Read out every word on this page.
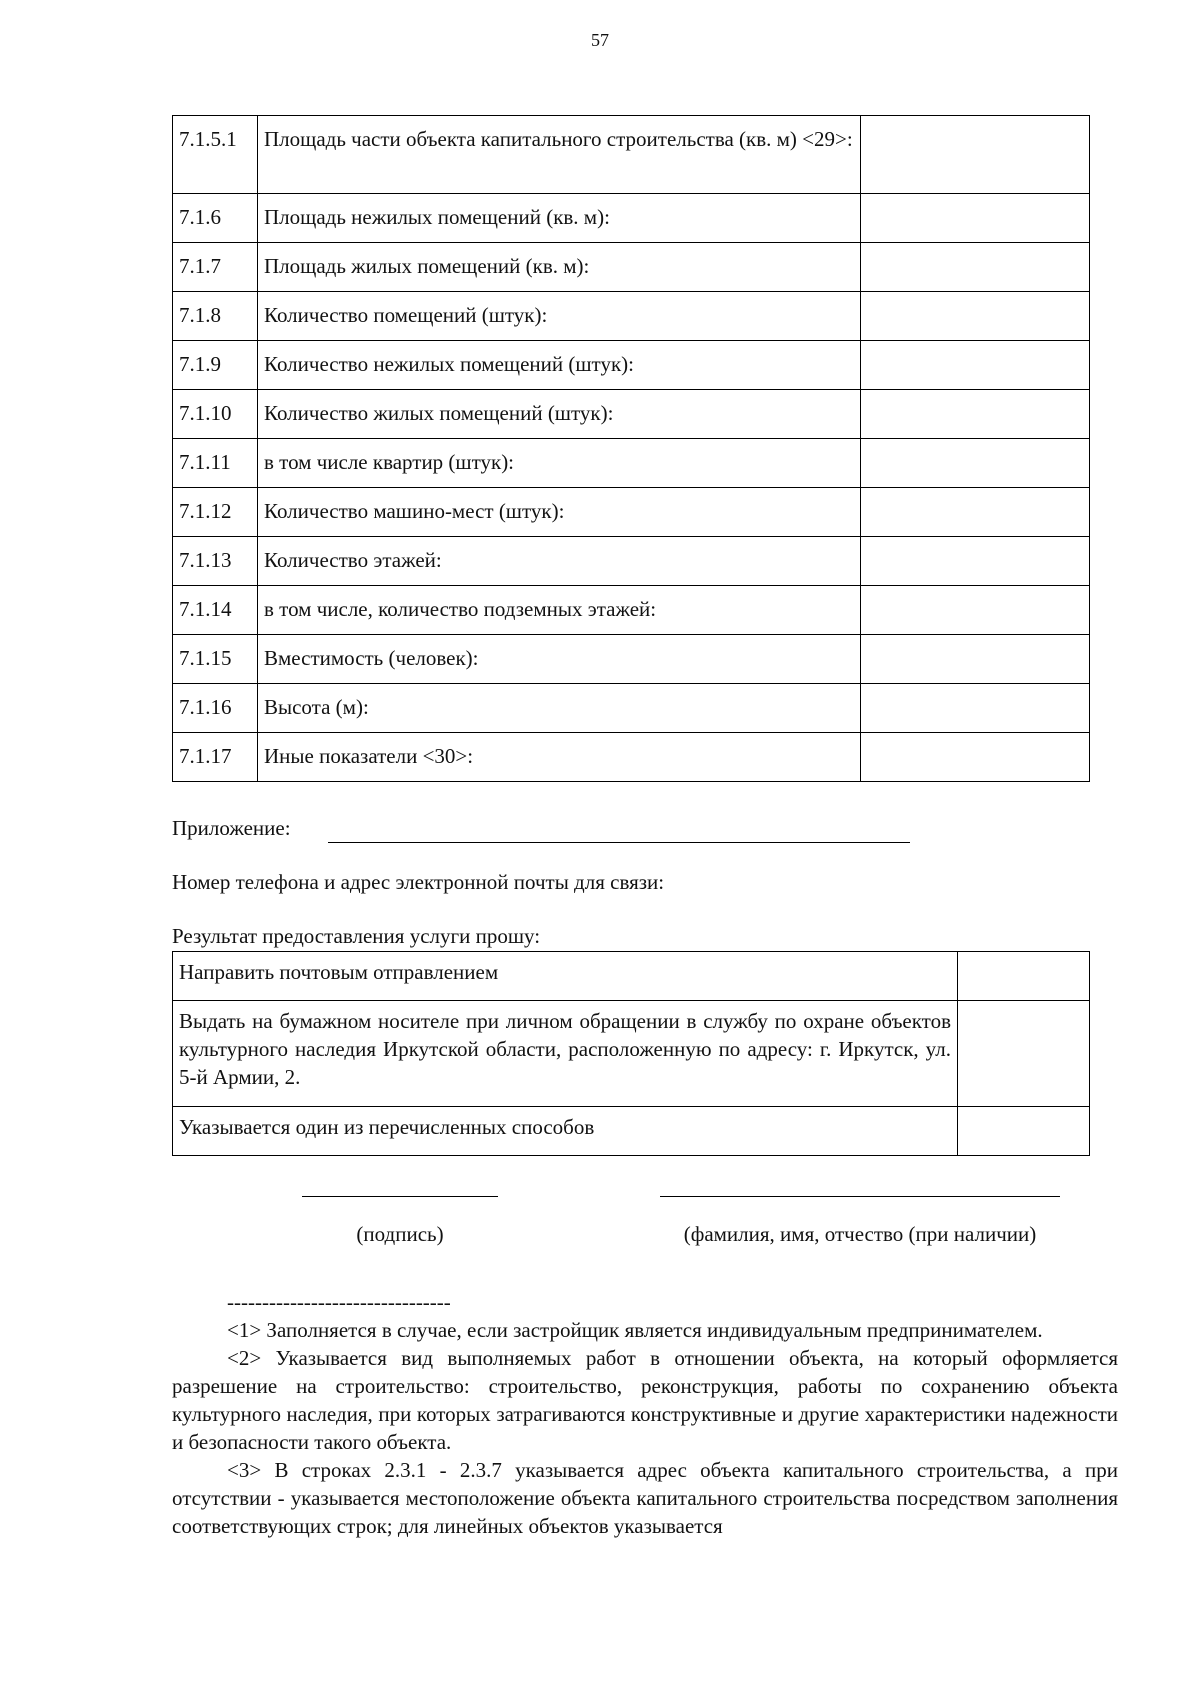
57
7.1.5.1	Площадь части объекта капитального строительства (кв. м) <29>:	
7.1.6	Площадь нежилых помещений (кв. м):	
7.1.7	Площадь жилых помещений (кв. м):	
7.1.8	Количество помещений (штук):	
7.1.9	Количество нежилых помещений (штук):	
7.1.10	Количество жилых помещений (штук):	
7.1.11	в том числе квартир (штук):	
7.1.12	Количество машино-мест (штук):	
7.1.13	Количество этажей:	
7.1.14	в том числе, количество подземных этажей:	
7.1.15	Вместимость (человек):	
7.1.16	Высота (м):	
7.1.17	Иные показатели <30>:	
Приложение:
Номер телефона и адрес электронной почты для связи:
Результат предоставления услуги прошу:
Направить почтовым отправлением	
Выдать на бумажном носителе при личном обращении в службу по охране объектов культурного наследия Иркутской области, расположенную по адресу: г. Иркутск, ул. 5-й Армии, 2.	
Указывается один из перечисленных способов	
(подпись)	(фамилия, имя, отчество (при наличии)
--------------------------------

<1> Заполняется в случае, если застройщик является индивидуальным предпринимателем.

<2> Указывается вид выполняемых работ в отношении объекта, на который оформляется разрешение на строительство: строительство, реконструкция, работы по сохранению объекта культурного наследия, при которых затрагиваются конструктивные и другие характеристики надежности и безопасности такого объекта.

<3> В строках 2.3.1 - 2.3.7 указывается адрес объекта капитального строительства, а при отсутствии - указывается местоположение объекта капитального строительства посредством заполнения соответствующих строк; для линейных объектов указывается
